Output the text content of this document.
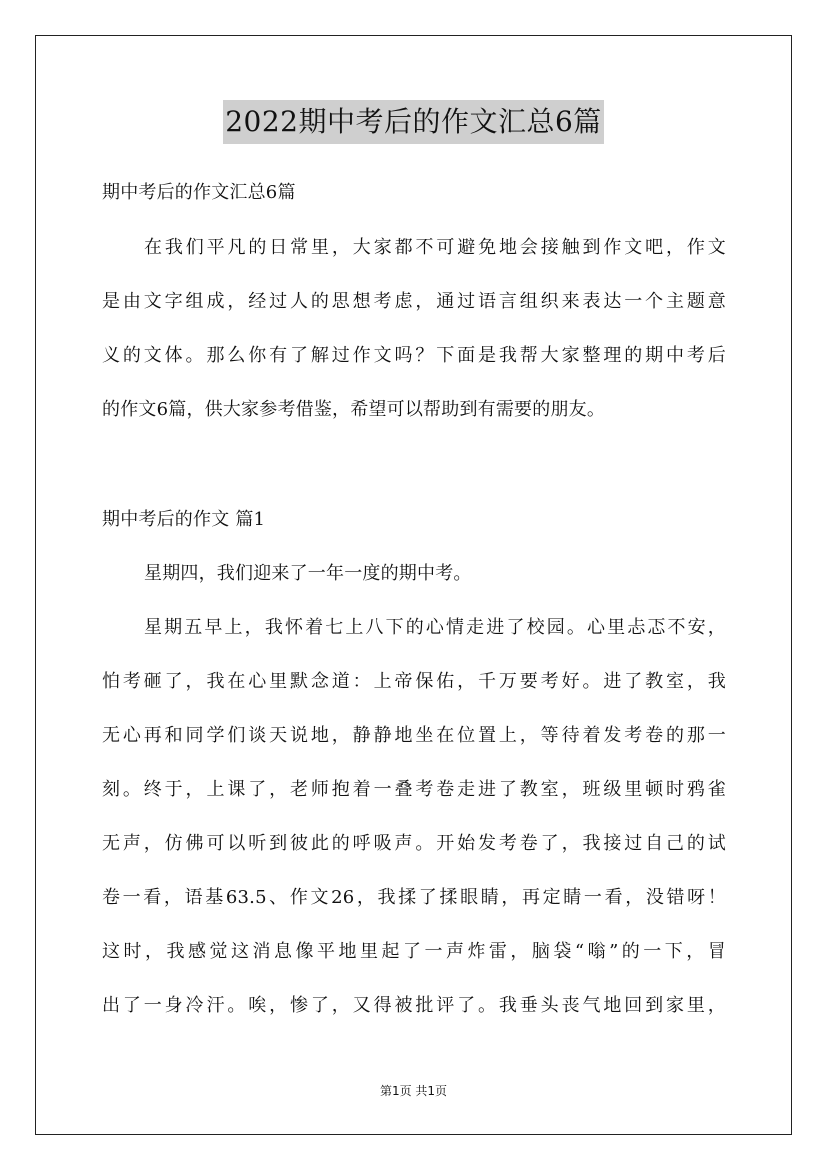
2022期中考后的作文汇总6篇
期中考后的作文汇总6篇
在我们平凡的日常里，大家都不可避免地会接触到作文吧，作文
是由文字组成，经过人的思想考虑，通过语言组织来表达一个主题意
义的文体。那么你有了解过作文吗？下面是我帮大家整理的期中考后
的作文6篇，供大家参考借鉴，希望可以帮助到有需要的朋友。
期中考后的作文 篇1
星期四，我们迎来了一年一度的期中考。
星期五早上，我怀着七上八下的心情走进了校园。心里忐忑不安，
怕考砸了，我在心里默念道：上帝保佑，千万要考好。进了教室，我
无心再和同学们谈天说地，静静地坐在位置上，等待着发考卷的那一
刻。终于，上课了，老师抱着一叠考卷走进了教室，班级里顿时鸦雀
无声，仿佛可以听到彼此的呼吸声。开始发考卷了，我接过自己的试
卷一看，语基63.5、作文26，我揉了揉眼睛，再定睛一看，没错呀！
这时，我感觉这消息像平地里起了一声炸雷，脑袋“嗡”的一下，冒
出了一身冷汗。唉，惨了，又得被批评了。我垂头丧气地回到家里，
第1页 共1页
